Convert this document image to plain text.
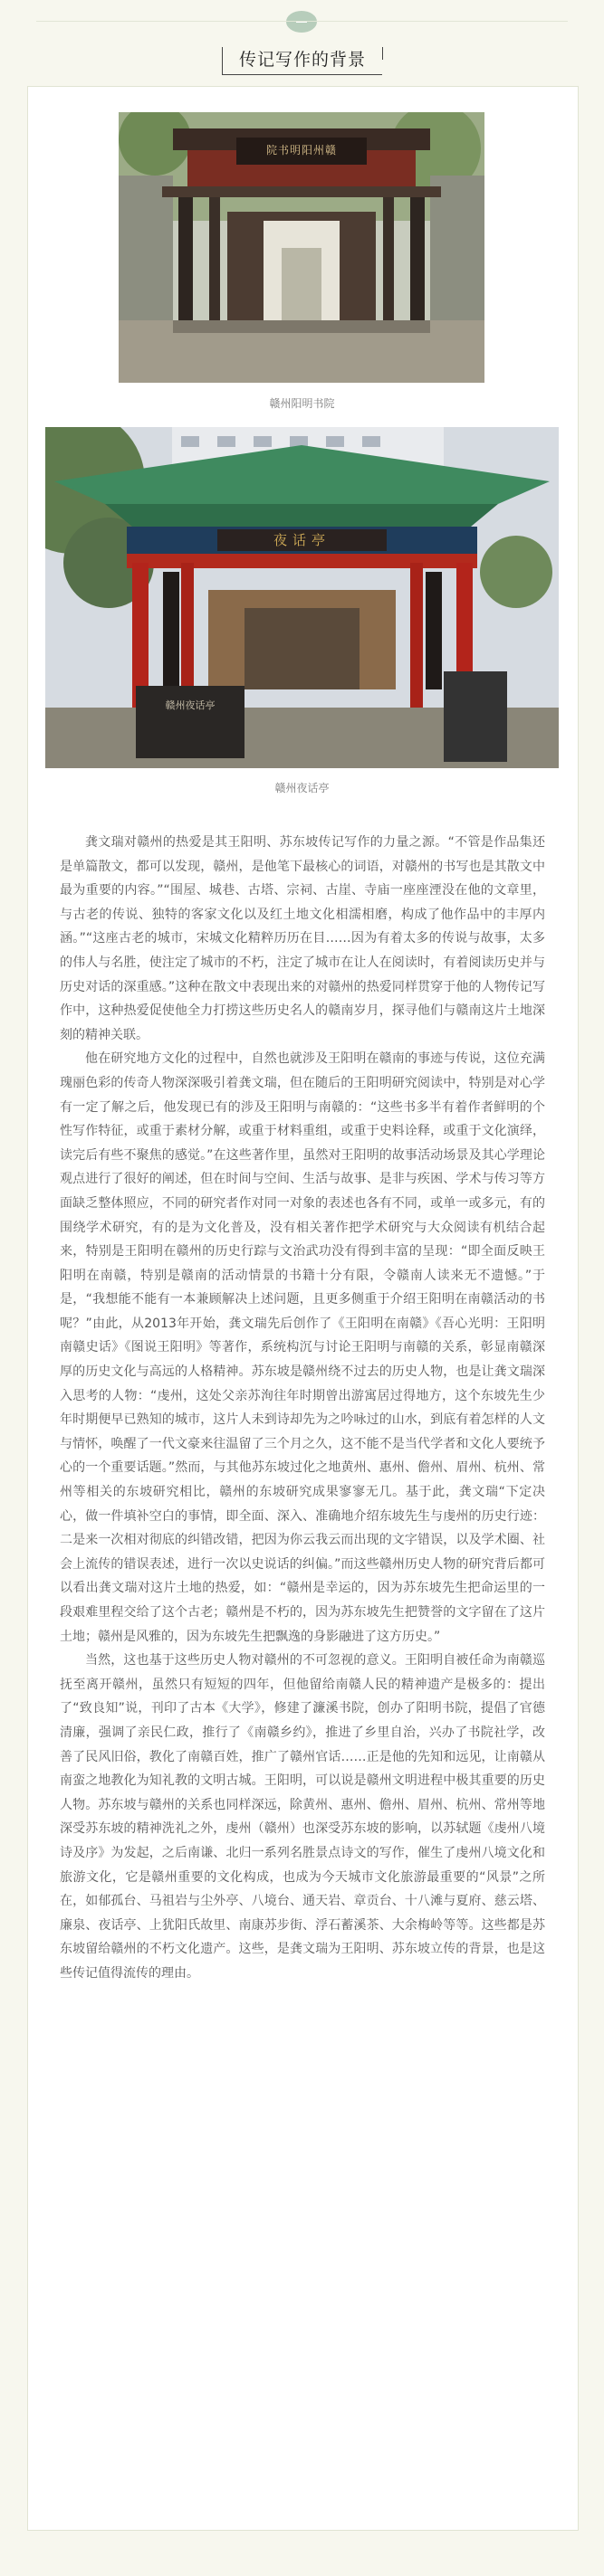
传记写作的背景
院书明阳州赣
赣州阳明书院
夜话亭
赣州夜话亭
赣州夜话亭

龚文瑞对赣州的热爱是其王阳明、苏东坡传记写作的力量之源。“不管是作品集还是单篇散文，都可以发现，赣州，是他笔下最核心的词语，对赣州的书写也是其散文中最为重要的内容。”“围屋、城巷、古塔、宗祠、古崖、寺庙一座座湮没在他的文章里，与古老的传说、独特的客家文化以及红土地文化相濡相磨，构成了他作品中的丰厚内涵。”“这座古老的城市，宋城文化精粹历历在目……因为有着太多的传说与故事，太多的伟人与名胜，使注定了城市的不朽，注定了城市在让人在阅读时，有着阅读历史并与历史对话的深重感。”这种在散文中表现出来的对赣州的热爱同样贯穿于他的人物传记写作中，这种热爱促使他全力打捞这些历史名人的赣南岁月，探寻他们与赣南这片土地深刻的精神关联。

他在研究地方文化的过程中，自然也就涉及王阳明在赣南的事迹与传说，这位充满瑰丽色彩的传奇人物深深吸引着龚文瑞，但在随后的王阳明研究阅读中，特别是对心学有一定了解之后，他发现已有的涉及王阳明与南赣的：“这些书多半有着作者鲜明的个性写作特征，或重于素材分解，或重于材料重组，或重于史料诠释，或重于文化演绎，读完后有些不聚焦的感觉。”在这些著作里，虽然对王阳明的故事活动场景及其心学理论观点进行了很好的阐述，但在时间与空间、生活与故事、是非与疾困、学术与传习等方面缺乏整体照应，不同的研究者作对同一对象的表述也各有不同，或单一或多元，有的围绕学术研究，有的是为文化普及，没有相关著作把学术研究与大众阅读有机结合起来，特别是王阳明在赣州的历史行踪与文治武功没有得到丰富的呈现：“即全面反映王阳明在南赣，特别是赣南的活动情景的书籍十分有限，令赣南人读来无不遗憾。”于是，“我想能不能有一本兼顾解决上述问题，且更多侧重于介绍王阳明在南赣活动的书呢？”由此，从2013年开始，龚文瑞先后创作了《王阳明在南赣》《吾心光明：王阳明南赣史话》《图说王阳明》等著作，系统构沉与讨论王阳明与南赣的关系，彰显南赣深厚的历史文化与高远的人格精神。苏东坡是赣州绕不过去的历史人物，也是让龚文瑞深入思考的人物：“虔州，这处父亲苏洵往年时期曾出游寓居过得地方，这个东坡先生少年时期便早已熟知的城市，这片人未到诗却先为之吟咏过的山水，到底有着怎样的人文与情怀，唤醒了一代文豪来往温留了三个月之久，这不能不是当代学者和文化人要统予心的一个重要话题。”然而，与其他苏东坡过化之地黄州、惠州、儋州、眉州、杭州、常州等相关的东坡研究相比，赣州的东坡研究成果寥寥无几。基于此，龚文瑞“下定决心，做一件填补空白的事情，即全面、深入、准确地介绍东坡先生与虔州的历史行迹：二是来一次相对彻底的纠错改错，把因为你云我云而出现的文字错误，以及学术圈、社会上流传的错误表述，进行一次以史说话的纠偏。”而这些赣州历史人物的研究背后都可以看出龚文瑞对这片土地的热爱，如：“赣州是幸运的，因为苏东坡先生把命运里的一段艰难里程交给了这个古老；赣州是不朽的，因为苏东坡先生把赞誉的文字留在了这片土地；赣州是风雅的，因为东坡先生把飘逸的身影融进了这方历史。”

当然，这也基于这些历史人物对赣州的不可忽视的意义。王阳明自被任命为南赣巡抚至离开赣州，虽然只有短短的四年，但他留给南赣人民的精神遗产是极多的：提出了“致良知”说，刊印了古本《大学》，修建了濂溪书院，创办了阳明书院，提倡了官德清廉，强调了亲民仁政，推行了《南赣乡约》，推进了乡里自治，兴办了书院社学，改善了民风旧俗，教化了南赣百姓，推广了赣州官话……正是他的先知和远见，让南赣从南蛮之地教化为知礼教的文明古城。王阳明，可以说是赣州文明进程中极其重要的历史人物。苏东坡与赣州的关系也同样深远，除黄州、惠州、儋州、眉州、杭州、常州等地深受苏东坡的精神洗礼之外，虔州（赣州）也深受苏东坡的影响，以苏轼题《虔州八境诗及序》为发起，之后南谦、北归一系列名胜景点诗文的写作，催生了虔州八境文化和旅游文化，它是赣州重要的文化构成，也成为今天城市文化旅游最重要的“风景”之所在，如郁孤台、马祖岩与尘外亭、八境台、通天岩、章贡台、十八滩与夏府、慈云塔、廉泉、夜话亭、上犹阳氏故里、南康苏步街、浮石蓄溪茶、大余梅岭等等。这些都是苏东坡留给赣州的不朽文化遗产。这些，是龚文瑞为王阳明、苏东坡立传的背景，也是这些传记值得流传的理由。
